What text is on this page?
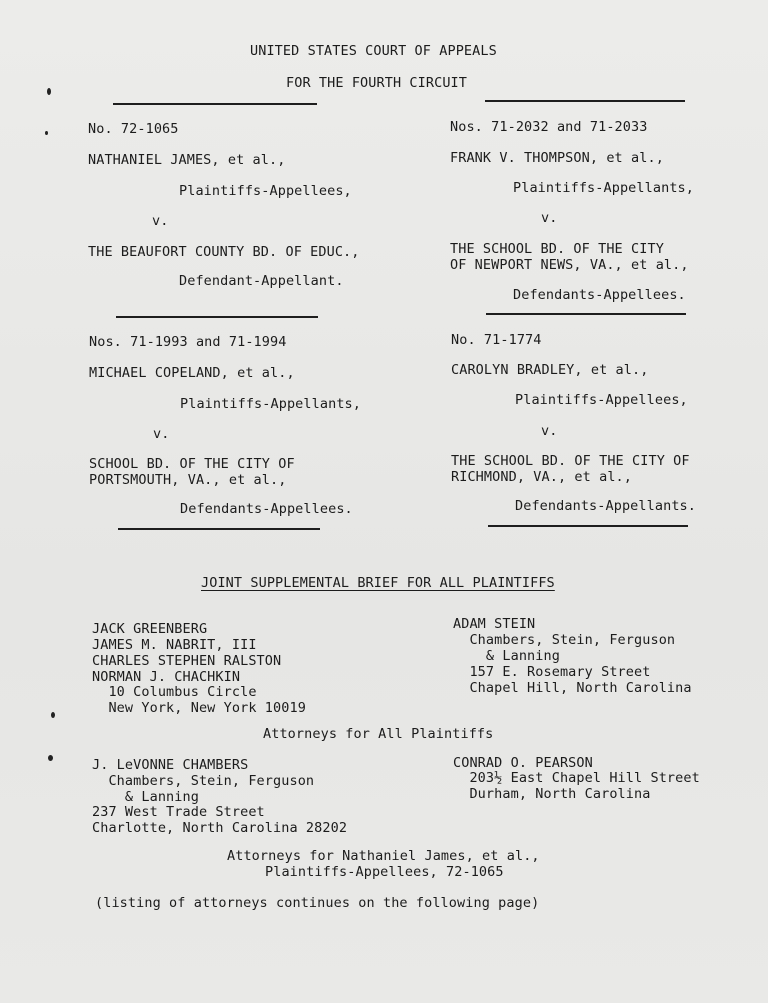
UNITED STATES COURT OF APPEALS
FOR THE FOURTH CIRCUIT
No. 72-1065
NATHANIEL JAMES, et al.,
Plaintiffs-Appellees,
v.
THE BEAUFORT COUNTY BD. OF EDUC.,
Defendant-Appellant.
Nos. 71-2032 and 71-2033
FRANK V. THOMPSON, et al.,
Plaintiffs-Appellants,
v.
THE SCHOOL BD. OF THE CITY
OF NEWPORT NEWS, VA., et al.,
Defendants-Appellees.
Nos. 71-1993 and 71-1994
MICHAEL COPELAND, et al.,
Plaintiffs-Appellants,
v.
SCHOOL BD. OF THE CITY OF
PORTSMOUTH, VA., et al.,
Defendants-Appellees.
No. 71-1774
CAROLYN BRADLEY, et al.,
Plaintiffs-Appellees,
v.
THE SCHOOL BD. OF THE CITY OF
RICHMOND, VA., et al.,
Defendants-Appellants.
JOINT SUPPLEMENTAL BRIEF FOR ALL PLAINTIFFS
JACK GREENBERG
JAMES M. NABRIT, III
CHARLES STEPHEN RALSTON
NORMAN J. CHACHKIN
10 Columbus Circle
New York, New York 10019
ADAM STEIN
Chambers, Stein, Ferguson
& Lanning
157 E. Rosemary Street
Chapel Hill, North Carolina
Attorneys for All Plaintiffs
J. LeVONNE CHAMBERS
Chambers, Stein, Ferguson
& Lanning
237 West Trade Street
Charlotte, North Carolina 28202
CONRAD O. PEARSON
203½ East Chapel Hill Street
Durham, North Carolina
Attorneys for Nathaniel James, et al.,
Plaintiffs-Appellees, 72-1065
(listing of attorneys continues on the following page)
